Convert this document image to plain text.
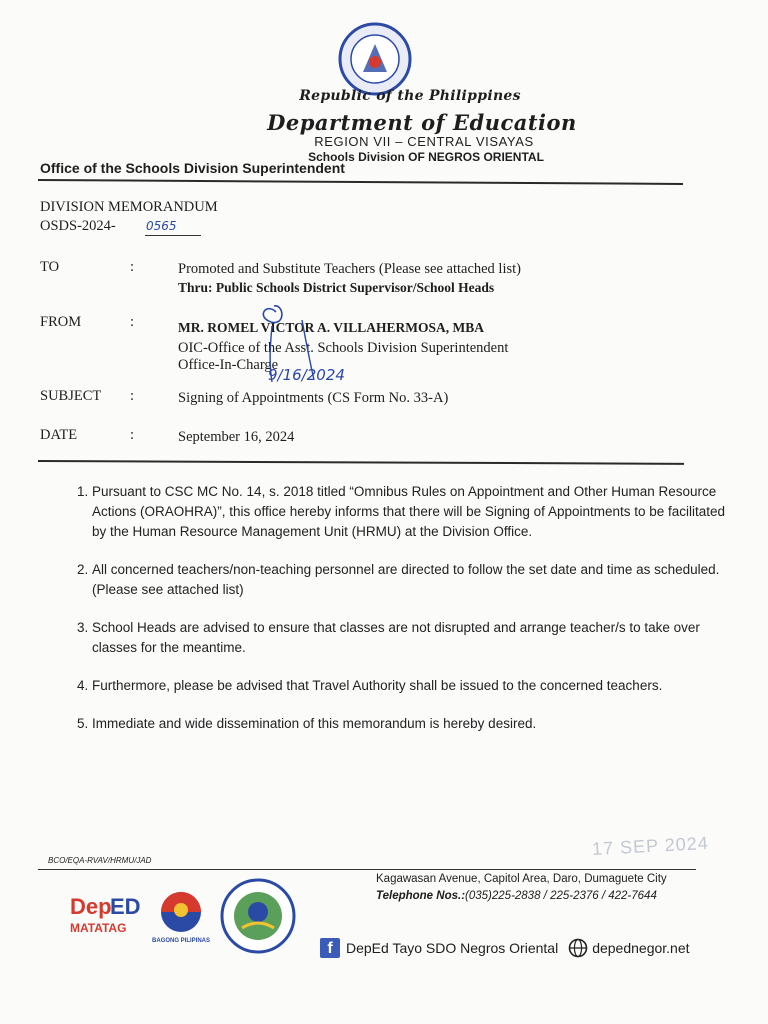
Republic of the Philippines
Department of Education
REGION VII – CENTRAL VISAYAS
Schools Division OF NEGROS ORIENTAL
Office of the Schools Division Superintendent
DIVISION MEMORANDUM
OSDS-2024-	0565
TO	:	Promoted and Substitute Teachers (Please see attached list)
Thru: Public Schools District Supervisor/School Heads
FROM	:	MR. ROMEL VICTOR A. VILLAHERMOSA, MBA
OIC-Office of the Asst. Schools Division Superintendent
Office-In-Charge
9/16/2024
SUBJECT :	Signing of Appointments (CS Form No. 33-A)
DATE	:	September 16, 2024
1. Pursuant to CSC MC No. 14, s. 2018 titled “Omnibus Rules on Appointment and Other Human Resource Actions (ORAOHRA)”, this office hereby informs that there will be Signing of Appointments to be facilitated by the Human Resource Management Unit (HRMU) at the Division Office.
2. All concerned teachers/non-teaching personnel are directed to follow the set date and time as scheduled. (Please see attached list)
3. School Heads are advised to ensure that classes are not disrupted and arrange teacher/s to take over classes for the meantime.
4. Furthermore, please be advised that Travel Authority shall be issued to the concerned teachers.
5. Immediate and wide dissemination of this memorandum is hereby desired.
17 SEP 2024
BCO/EQA-RVAV/HRMU/JAD
Dep
ED
MATATAG
BAGONG PILIPINAS
Kagawasan Avenue, Capitol Area, Daro, Dumaguete City
Telephone Nos.:(035)225-2838 / 225-2376 / 422-7644
f DepEd Tayo SDO Negros Oriental depednegor.net
